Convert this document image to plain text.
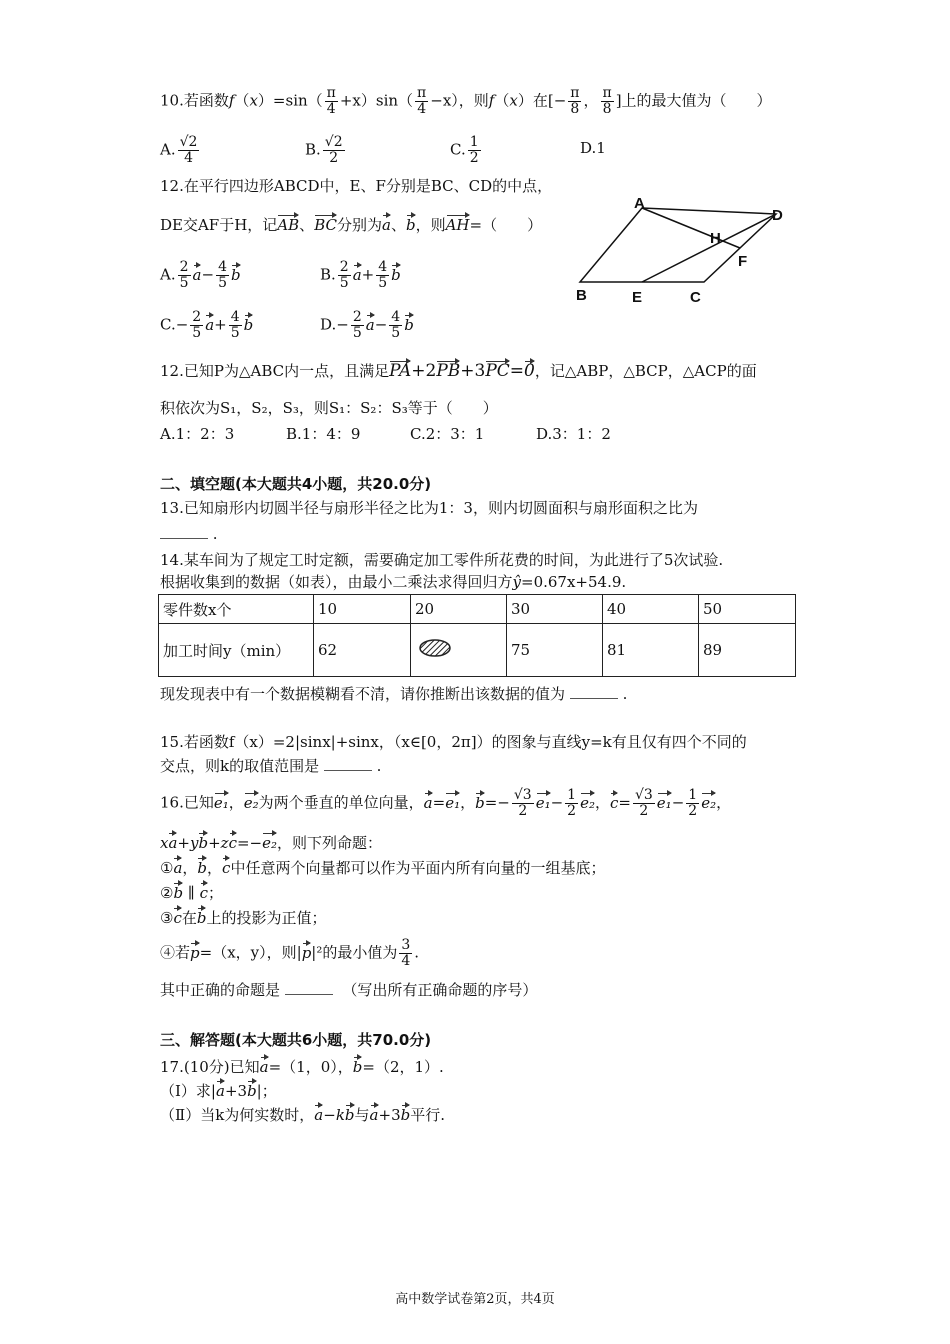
10.若函数$f(x)=\sin( \frac{\pi}{4} +x)\sin( \frac{\pi}{4} -x)$，则f（x）在[− $\frac{\pi}{8}$ ， $\frac{\pi}{8}$ ]上的最大值为（　　）
A. $\frac{√2}{4}$	B. $\frac{√2}{2}$	C. $\frac{1}{2}$	D.1
12.在平行四边形ABCD中，E、F分别是BC、CD的中点，
DE交AF于H，记AB、BC分别为a、b，则AH=（　　）
A. $\frac{2}{5} a- \frac{4}{5}$ b	B. $\frac{2}{5} a+ \frac{4}{5}$ b
$C.- \frac{2}{5} a+ \frac{4}{5}$ b	$D.- \frac{2}{5} a- \frac{4}{5}$ b
A
D
H
F
B	E	C
12.已知P为△ABC内一点，且满足PA+2PB+3PC=0，记△ABP，△BCP，△ACP的面
积依次为S₁，S₂，S₃，则S₁：S₂：S₃等于（　　）
A.1：2：3	B.1：4：9	C.2：3：1	D.3：1：2
二、填空题(本大题共4小题，共20.0分)
13.已知扇形内切圆半径与扇形半径之比为1：3，则内切圆面积与扇形面积之比为
.
14.某车间为了规定工时定额，需要确定加工零件所花费的时间，为此进行了5次试验.
根据收集到的数据（如表），由最小二乘法求得回归方ŷ=0.67x+54.9.
零件数x个	10	20	30	40	50
加工时间y（min）	62		75	81	89
现发现表中有一个数据模糊看不清，请你推断出该数据的值为	.
15.若函数f（x）=2|sinx|+sinx，（x∈[0，2π]）的图象与直线y=k有且仅有四个不同的
交点，则k的取值范围是	.
16.已知e₁，e₂为两个垂直的单位向量，a=e₁，$b=- \frac{√3}{2} e_1- \frac{1}{2} e_2$，$c= \frac{√3}{2} e_1- \frac{1}{2} e_2$，
xa+yb+zc=−e₂，则下列命题：
①a，b，c中任意两个向量都可以作为平面内所有向量的一组基底；
②b ∥ c；
③c在b上的投影为正值；
④若p=（x，y），则|p|²的最小值为 $\frac{3}{4}$ .
其中正确的命题是	（写出所有正确命题的序号）
三、解答题(本大题共6小题，共70.0分)
17.(10分)已知a=（1，0），b=（2，1）.
（Ⅰ）求|a+3b|；
（Ⅱ）当k为何实数时，a−kb与a+3b平行.
高中数学试卷第2页，共4页
